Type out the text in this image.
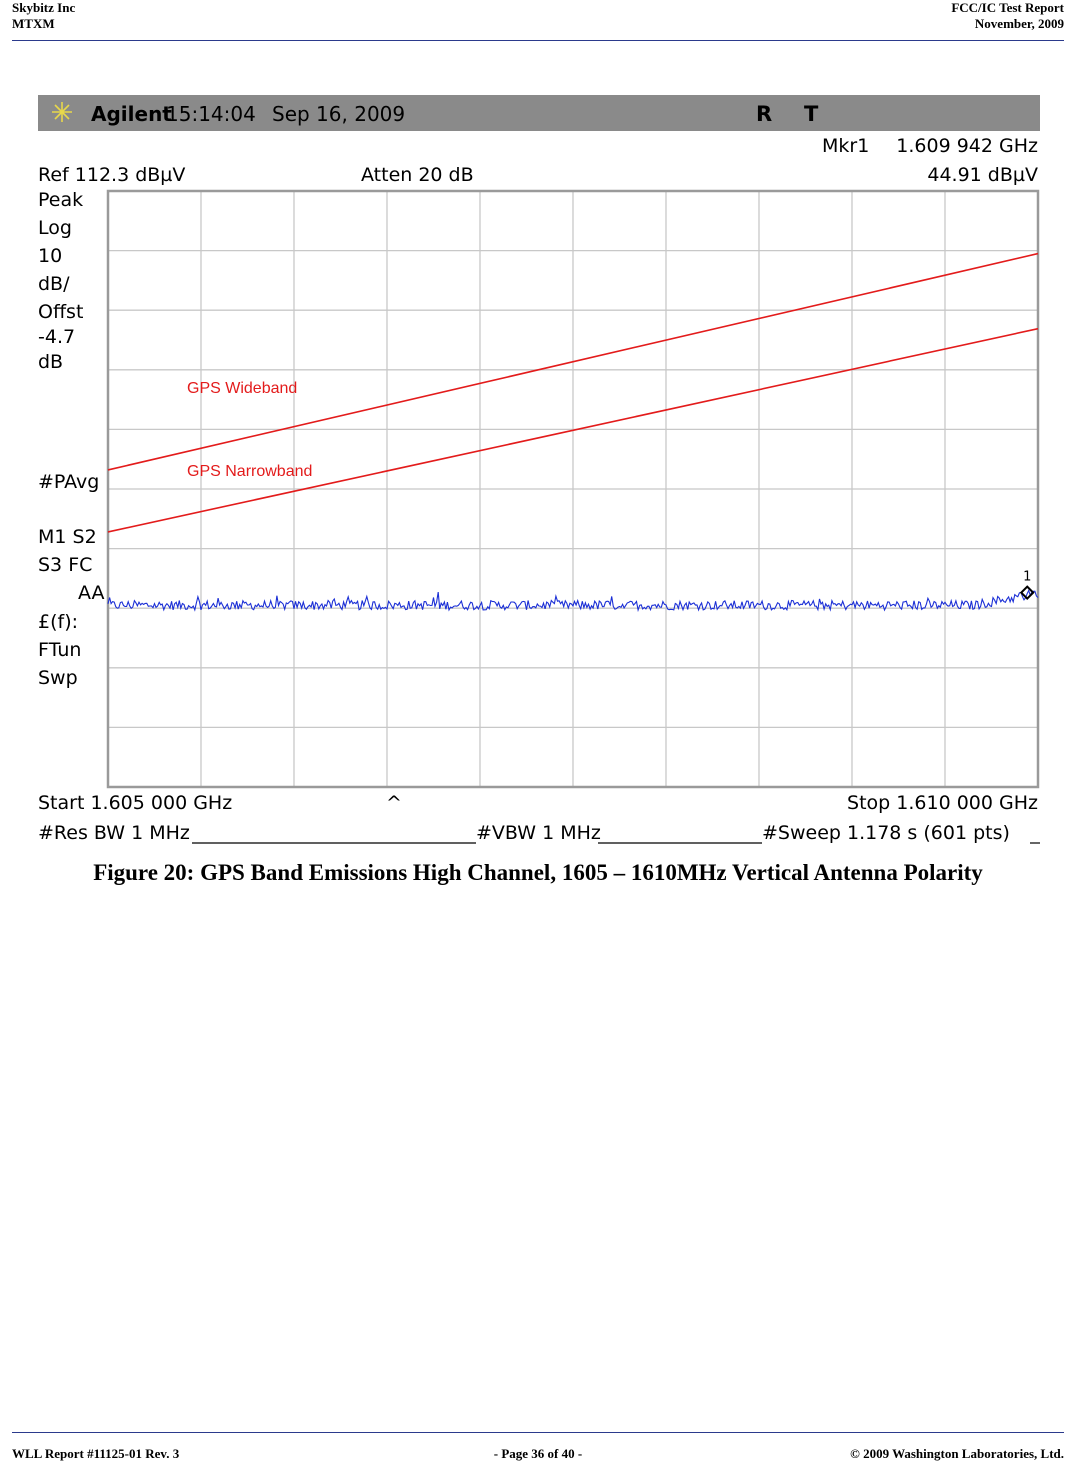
Skybitz Inc
MTXM
FCC/IC Test Report
November, 2009
Agilent
15:14:04 Sep 16, 2009	R T
Mkr1 1.609 942 GHz
44.91 dBµV
Ref 112.3 dBµV	Atten 20 dB
Peak
Log
10
dB/
Offst
-4.7
dB
#PAvg
M1 S2
S3 FC
AA
£(f):
FTun
Swp
GPS Wideband
GPS Narrowband
1
Start 1.605 000 GHz	^	Stop 1.610 000 GHz
#Res BW 1 MHz	#VBW 1 MHz	#Sweep 1.178 s (601 pts)
Figure 20: GPS Band Emissions High Channel, 1605 – 1610MHz Vertical Antenna Polarity
WLL Report #11125-01 Rev. 3	- Page 36 of 40 -	© 2009 Washington Laboratories, Ltd.
